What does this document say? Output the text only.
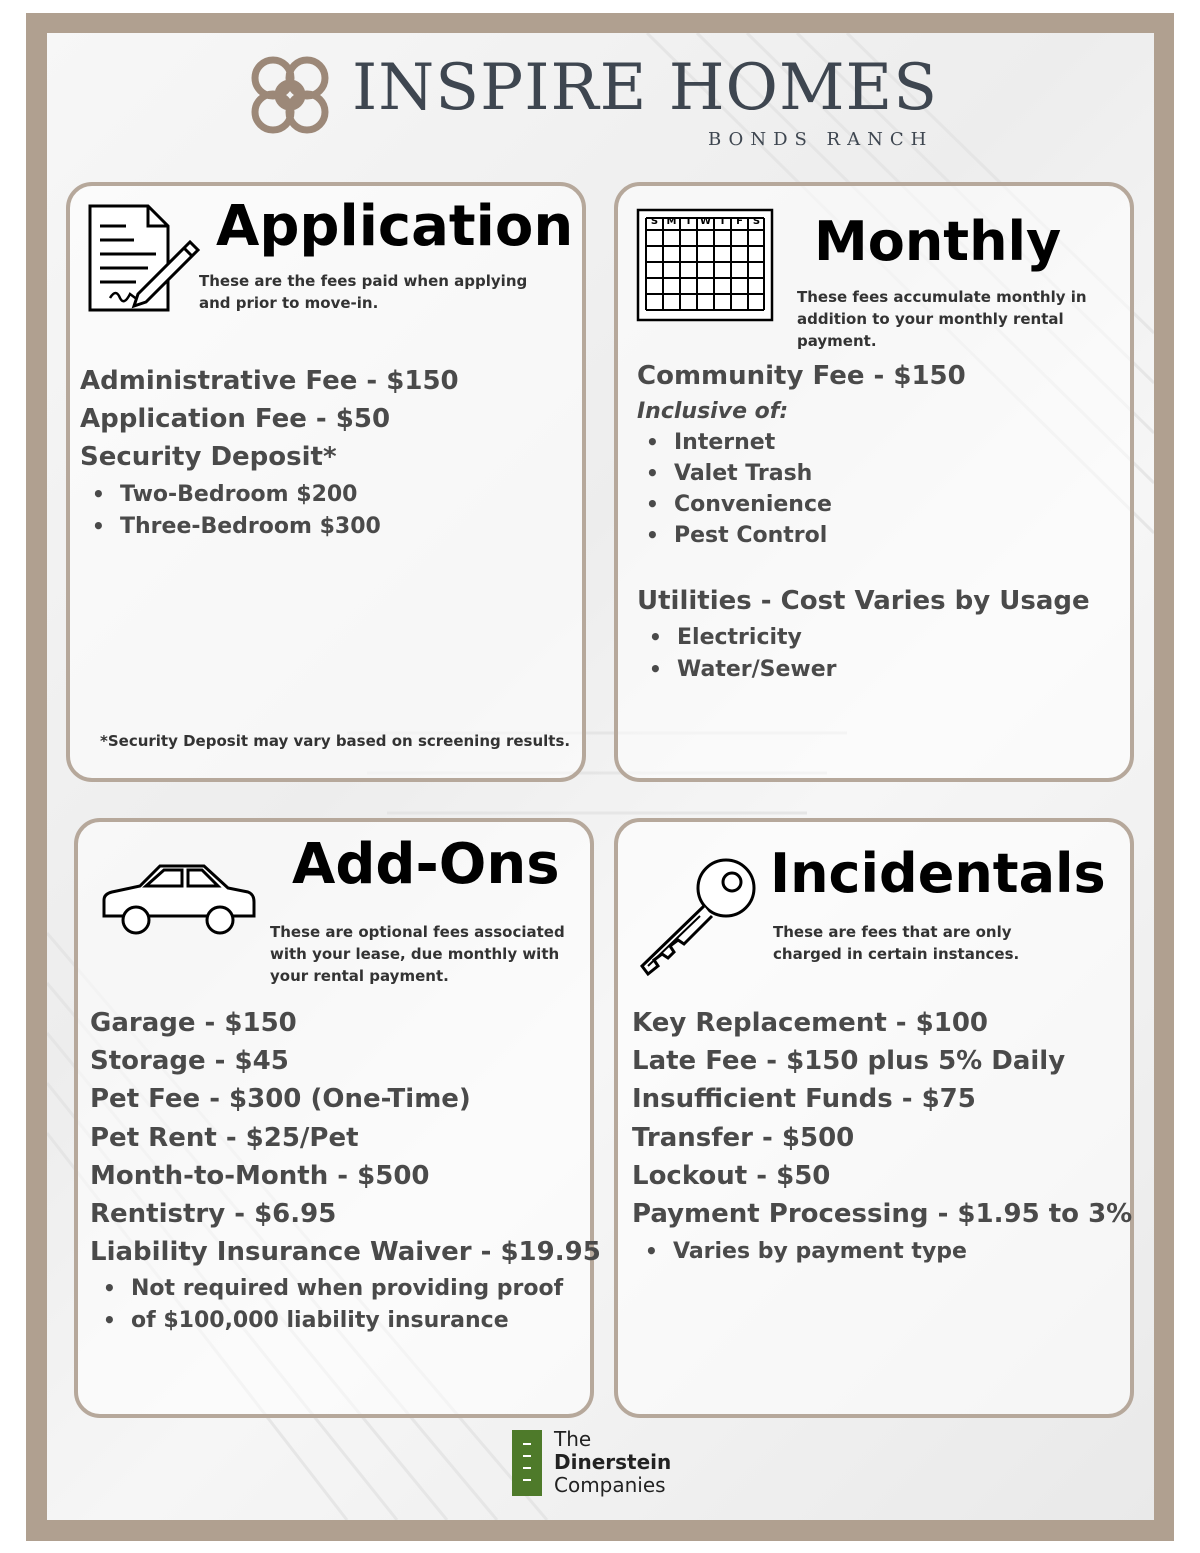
INSPIRE HOMES
BONDS RANCH
Application
These are the fees paid when applying and prior to move-in.
Administrative Fee - $150
Application Fee - $50
Security Deposit*
• Two-Bedroom $200
• Three-Bedroom $300
*Security Deposit may vary based on screening results.
S M T W T	F S Monthly
These fees accumulate monthly in addition to your monthly rental payment.
Community Fee - $150
Inclusive of:
• Internet
• Valet Trash
• Convenience
• Pest Control
Utilities - Cost Varies by Usage
• Electricity
• Water/Sewer
Add-Ons
These are optional fees associated with your lease, due monthly with your rental payment.
Garage - $150
Storage - $45
Pet Fee - $300 (One-Time)
Pet Rent - $25/Pet
Month-to-Month - $500
Rentistry - $6.95
Liability Insurance Waiver - $19.95
• Not required when providing proof
• of $100,000 liability insurance
Incidentals
These are fees that are only charged in certain instances.
Key Replacement - $100
Late Fee - $150 plus 5% Daily
Insufficient Funds - $75
Transfer - $500
Lockout - $50
Payment Processing - $1.95 to 3%
• Varies by payment type
The
Dinerstein
Companies
